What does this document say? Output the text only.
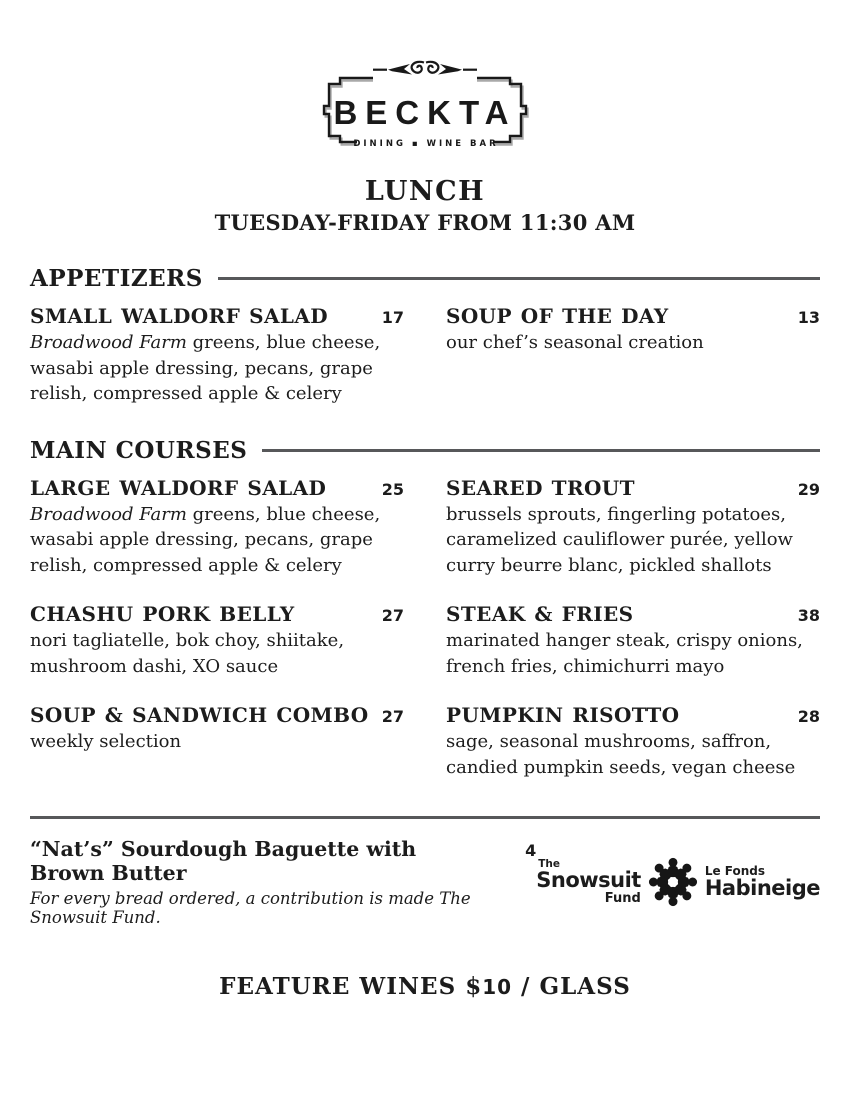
BECKTA
DINING ▪ WINE BAR
LUNCH
TUESDAY-FRIDAY FROM 11:30 AM
APPETIZERS
SMALL WALDORF SALAD	17
Broadwood Farm greens, blue cheese, wasabi apple dressing, pecans, grape relish, compressed apple & celery
SOUP OF THE DAY	13
our chef’s seasonal creation
MAIN COURSES
LARGE WALDORF SALAD	25
Broadwood Farm greens, blue cheese, wasabi apple dressing, pecans, grape relish, compressed apple & celery
SEARED TROUT	29
brussels sprouts, fingerling potatoes, caramelized cauliflower purée, yellow curry beurre blanc, pickled shallots
CHASHU PORK BELLY	27
nori tagliatelle, bok choy, shiitake, mushroom dashi, XO sauce
STEAK & FRIES	38
marinated hanger steak, crispy onions, french fries, chimichurri mayo
SOUP & SANDWICH COMBO 27
weekly selection
PUMPKIN RISOTTO	28
sage, seasonal mushrooms, saffron, candied pumpkin seeds, vegan cheese
“Nat’s” Sourdough Baguette with Brown Butter
4
For every bread ordered, a contribution is made The Snowsuit Fund.
The
Snowsuit
Fund
Le Fonds
Habineige
FEATURE WINES $10 / GLASS
